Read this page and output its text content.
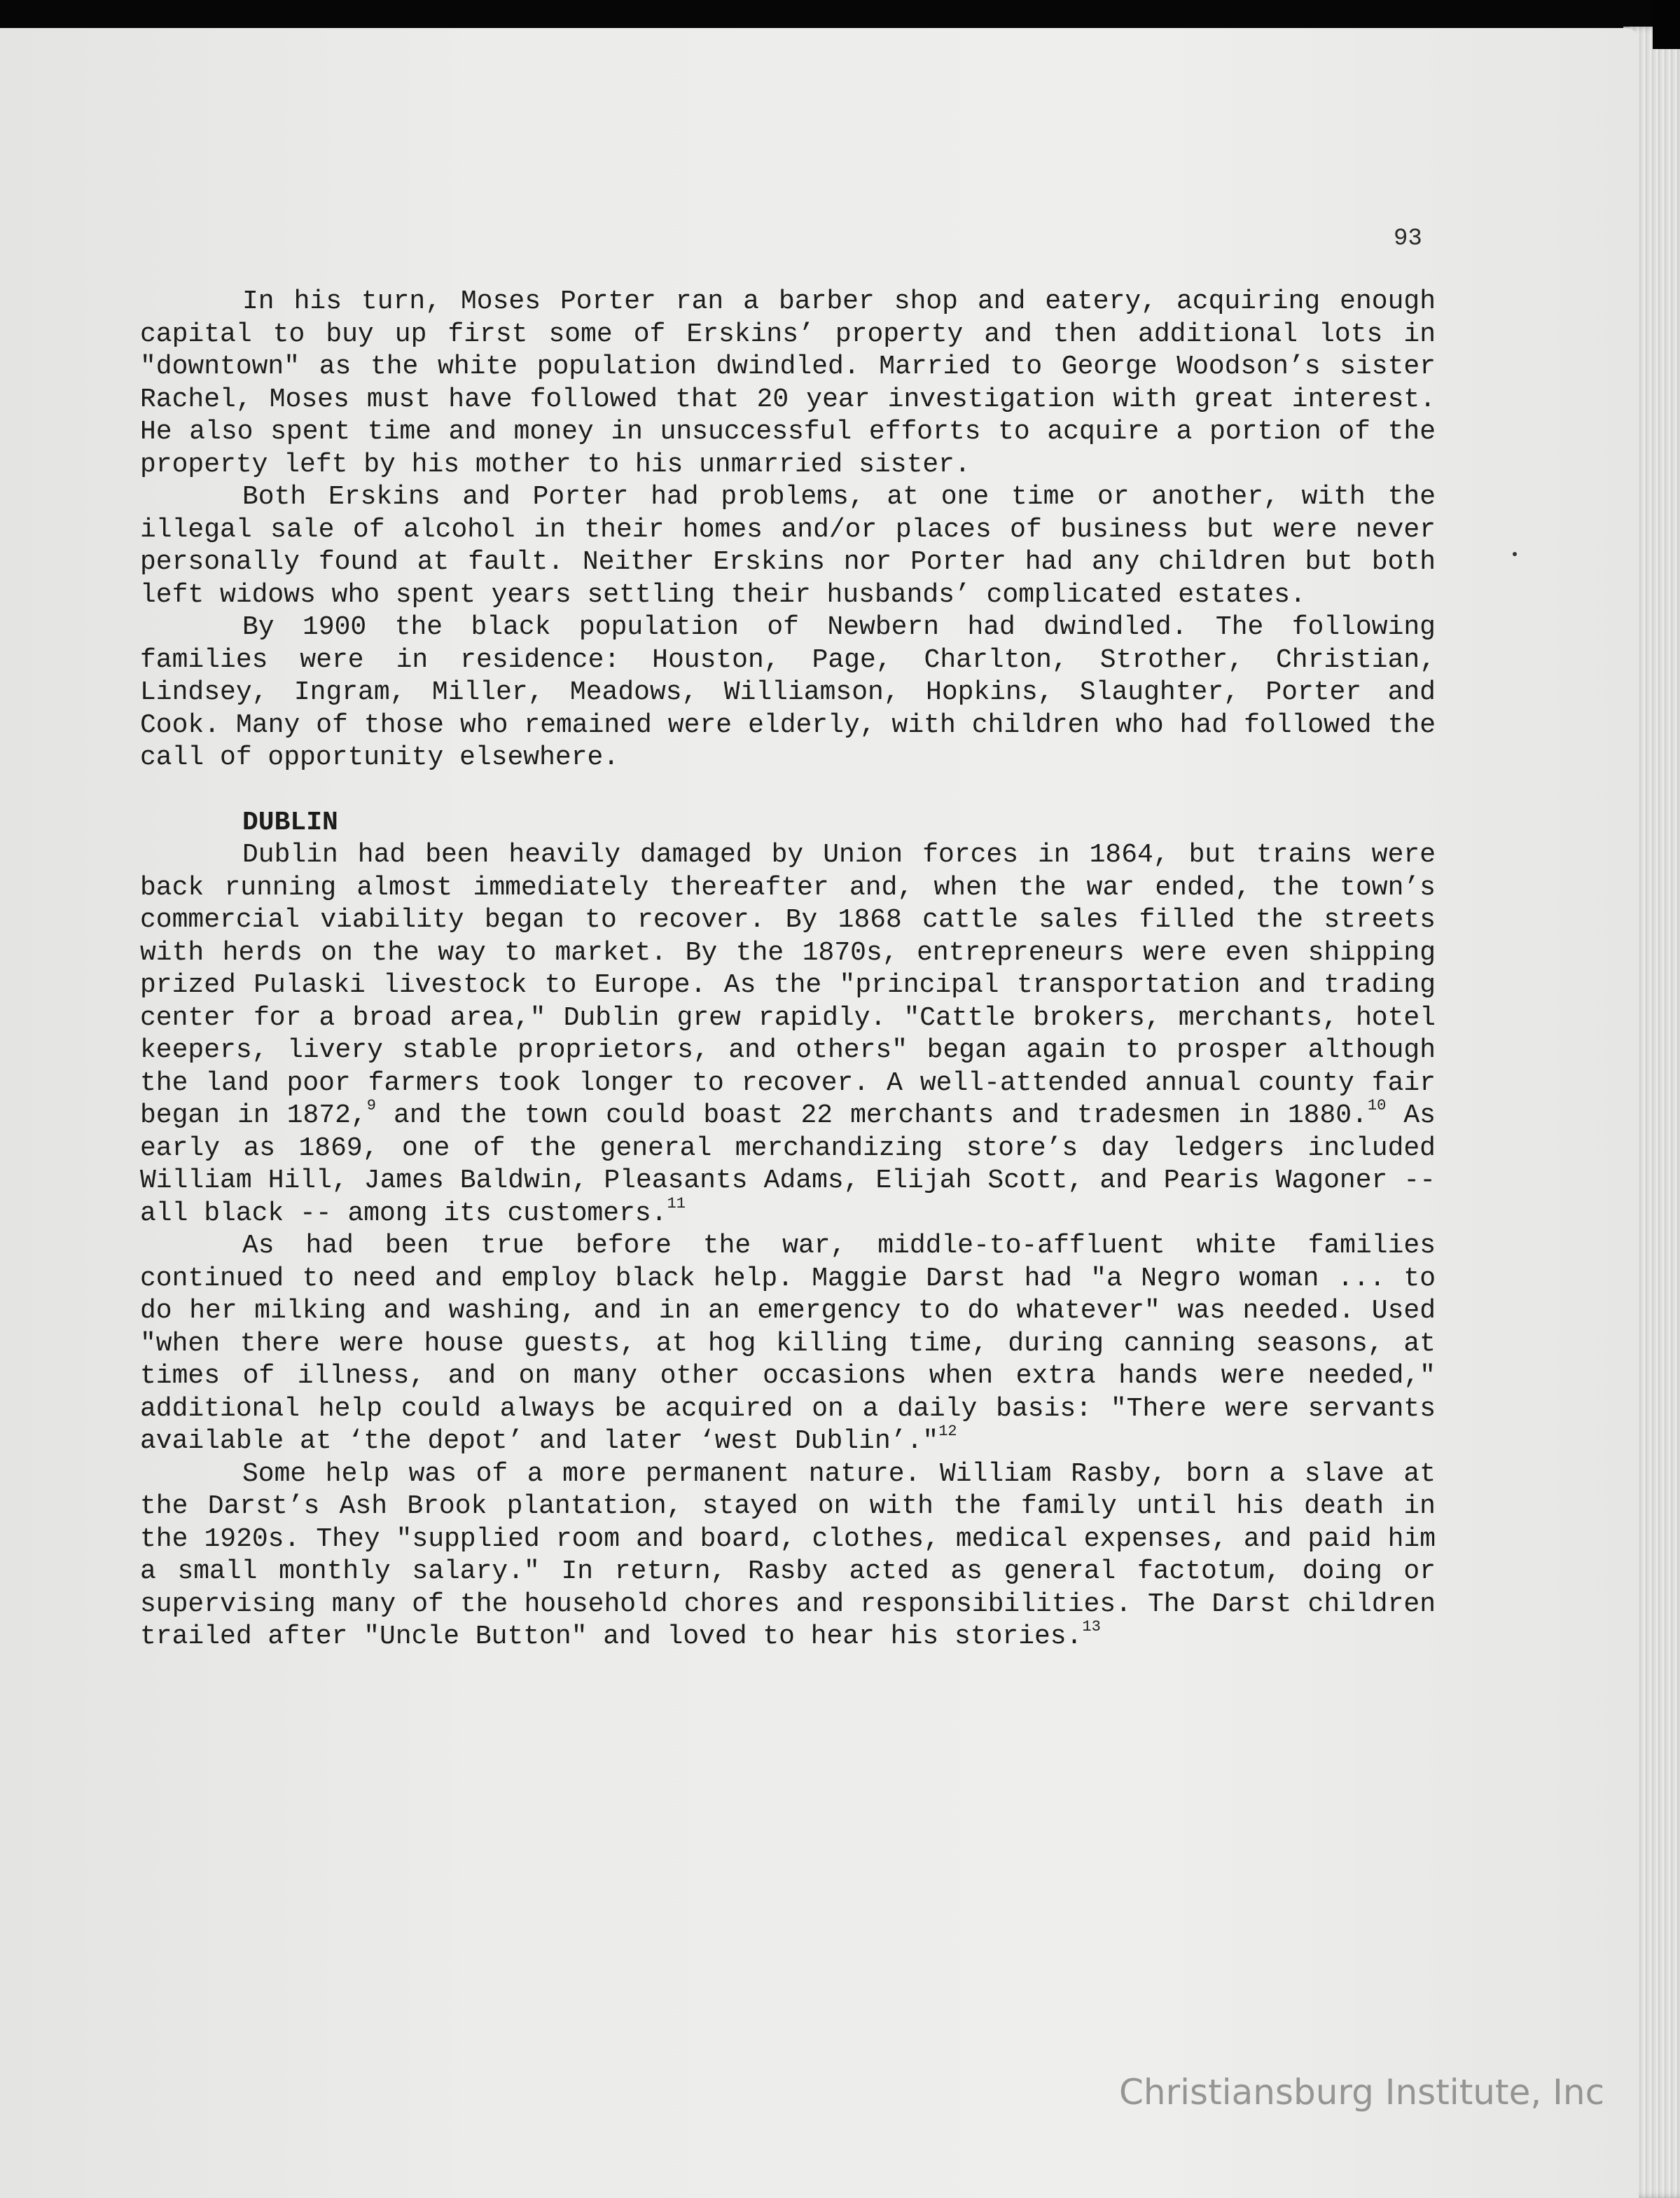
93

In his turn, Moses Porter ran a barber shop and eatery, acquiring enough capital to buy up first some of Erskins’ property and then additional lots in "downtown" as the white population dwindled. Married to George Woodson’s sister Rachel, Moses must have followed that 20 year investigation with great interest. He also spent time and money in unsuccessful efforts to acquire a portion of the property left by his mother to his unmarried sister.

Both Erskins and Porter had problems, at one time or another, with the illegal sale of alcohol in their homes and/or places of business but were never personally found at fault. Neither Erskins nor Porter had any children but both left widows who spent years settling their husbands’ complicated estates.

By 1900 the black population of Newbern had dwindled. The following families were in residence: Houston, Page, Charlton, Strother, Christian, Lindsey, Ingram, Miller, Meadows, Williamson, Hopkins, Slaughter, Porter and Cook. Many of those who remained were elderly, with children who had followed the call of opportunity elsewhere.

DUBLIN

Dublin had been heavily damaged by Union forces in 1864, but trains were back running almost immediately thereafter and, when the war ended, the town’s commercial viability began to recover. By 1868 cattle sales filled the streets with herds on the way to market. By the 1870s, entrepreneurs were even shipping prized Pulaski livestock to Europe. As the "principal transportation and trading center for a broad area," Dublin grew rapidly. "Cattle brokers, merchants, hotel keepers, livery stable proprietors, and others" began again to prosper although the land poor farmers took longer to recover. A well-attended annual county fair began in 1872,$^9$ and the town could boast 22 merchants and tradesmen in 1880.10 As early as 1869, one of the general merchandizing store’s day ledgers included William Hill, James Baldwin, Pleasants Adams, Elijah Scott, and Pearis Wagoner -- all black -- among its customers.$^{11}$

As had been true before the war, middle-to-affluent white families continued to need and employ black help. Maggie Darst had "a Negro woman ... to do her milking and washing, and in an emergency to do whatever" was needed. Used "when there were house guests, at hog killing time, during canning seasons, at times of illness, and on many other occasions when extra hands were needed," additional help could always be acquired on a daily basis: "There were servants available at ‘the depot’ and later ‘west Dublin’."$^{12}$

Some help was of a more permanent nature. William Rasby, born a slave at the Darst’s Ash Brook plantation, stayed on with the family until his death in the 1920s. They "supplied room and board, clothes, medical expenses, and paid him a small monthly salary." In return, Rasby acted as general factotum, doing or supervising many of the household chores and responsibilities. The Darst children trailed after "Uncle Button" and loved to hear his stories.$^{13}$

Christiansburg Institute, Inc
